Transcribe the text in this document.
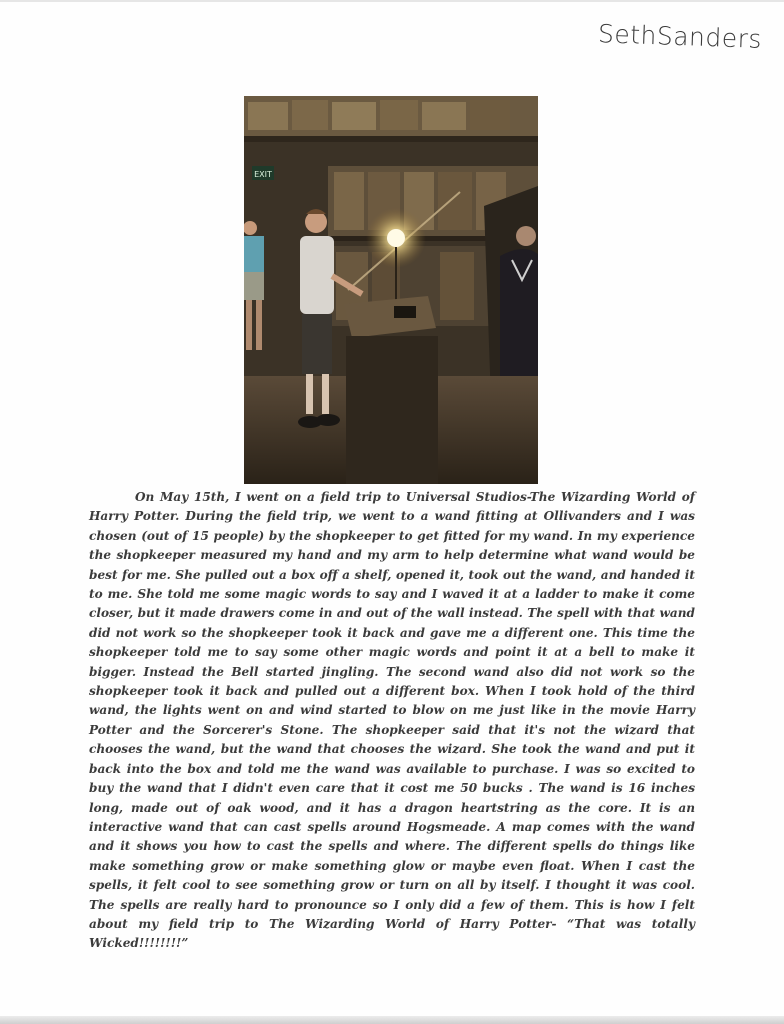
SethSanders
EXIT

On May 15th, I went on a field trip to Universal Studios-The Wizarding World of Harry Potter. During the field trip, we went to a wand fitting at Ollivanders and I was chosen (out of 15 people) by the shopkeeper to get fitted for my wand. In my experience the shopkeeper measured my hand and my arm to help determine what wand would be best for me. She pulled out a box off a shelf, opened it, took out the wand, and handed it to me. She told me some magic words to say and I waved it at a ladder to make it come closer, but it made drawers come in and out of the wall instead. The spell with that wand did not work so the shopkeeper took it back and gave me a different one. This time the shopkeeper told me to say some other magic words and point it at a bell to make it bigger. Instead the Bell started jingling. The second wand also did not work so the shopkeeper took it back and pulled out a different box. When I took hold of the third wand, the lights went on and wind started to blow on me just like in the movie Harry Potter and the Sorcerer's Stone. The shopkeeper said that it's not the wizard that chooses the wand, but the wand that chooses the wizard. She took the wand and put it back into the box and told me the wand was available to purchase. I was so excited to buy the wand that I didn't even care that it cost me 50 bucks . The wand is 16 inches long, made out of oak wood, and it has a dragon heartstring as the core. It is an interactive wand that can cast spells around Hogsmeade. A map comes with the wand and it shows you how to cast the spells and where. The different spells do things like make something grow or make something glow or maybe even float. When I cast the spells, it felt cool to see something grow or turn on all by itself. I thought it was cool. The spells are really hard to pronounce so I only did a few of them. This is how I felt about my field trip to The Wizarding World of Harry Potter- “That was totally Wicked!!!!!!!!”
